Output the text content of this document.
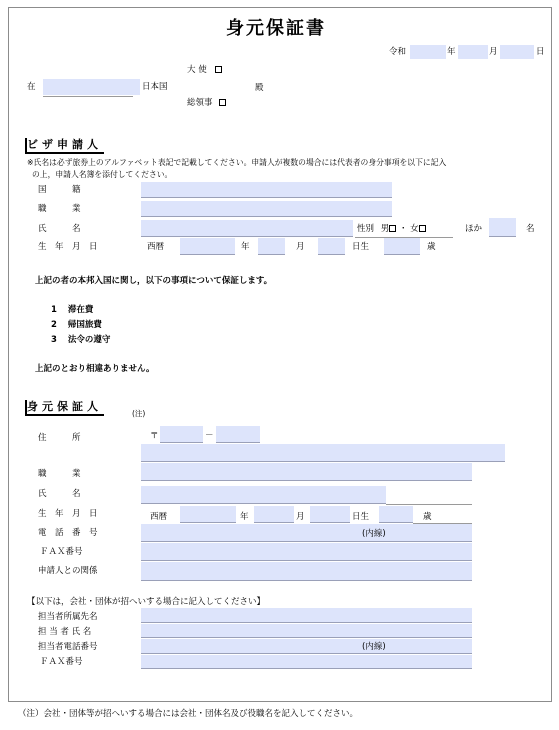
身元保証書
令和	年	月	日
大 使
在	日本国	殿
総領事
ビザ申請人
※氏名は必ず旅券上のアルファベット表記で記載してください。申請人が複数の場合には代表者の身分事項を以下に記入
の上，申請人名簿を添付してください。
国　　　籍
職　　　業
氏　　　名	性別 男 ・ 女	ほか	名
生　年　月　日	西暦	年	月	日生	歳
上記の者の本邦入国に関し，以下の事項について保証します。
1 滞在費
2 帰国旅費
3 法令の遵守
上記のとおり相違ありません。
身元保証人
(注)
住　　　所	〒	－
職　　　業
氏　　　名
生　年　月　日	西暦	年	月	日生	歳
電　話　番　号	(内線)
ＦＡＸ番号
申請人との関係
【以下は，会社・団体が招へいする場合に記入してください】
担当者所属先名
担 当 者 氏 名
担当者電話番号	(内線)
ＦＡＸ番号
（注）会社・団体等が招へいする場合には会社・団体名及び役職名を記入してください。
